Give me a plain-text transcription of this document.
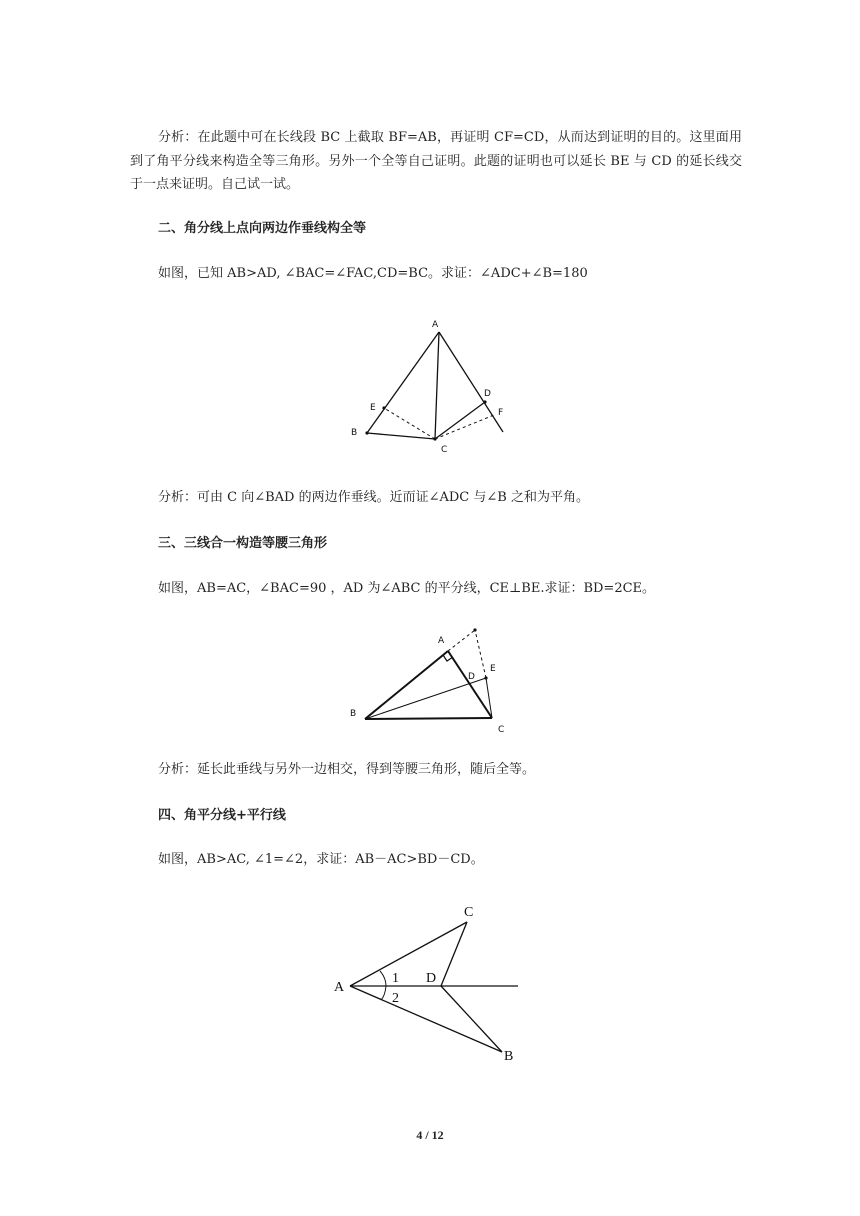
分析：在此题中可在长线段 BC 上截取 BF=AB，再证明 CF=CD，从而达到证明的目的。这里面用到了角平分线来构造全等三角形。另外一个全等自己证明。此题的证明也可以延长 BE 与 CD 的延长线交于一点来证明。自己试一试。

二、角分线上点向两边作垂线构全等

如图，已知 AB>AD, ∠BAC=∠FAC,CD=BC。求证：∠ADC+∠B=180

A
B
C
D
E	F

分析：可由 C 向∠BAD 的两边作垂线。近而证∠ADC 与∠B 之和为平角。

三、三线合一构造等腰三角形

如图，AB=AC，∠BAC=90 ，AD 为∠ABC 的平分线，CE⊥BE.求证：BD=2CE。

A
B
C
D
E

分析：延长此垂线与另外一边相交，得到等腰三角形，随后全等。

四、角平分线+平行线

如图，AB>AC, ∠1=∠2，求证：AB－AC>BD－CD。

A
B
C
D
1
2
4 / 12
